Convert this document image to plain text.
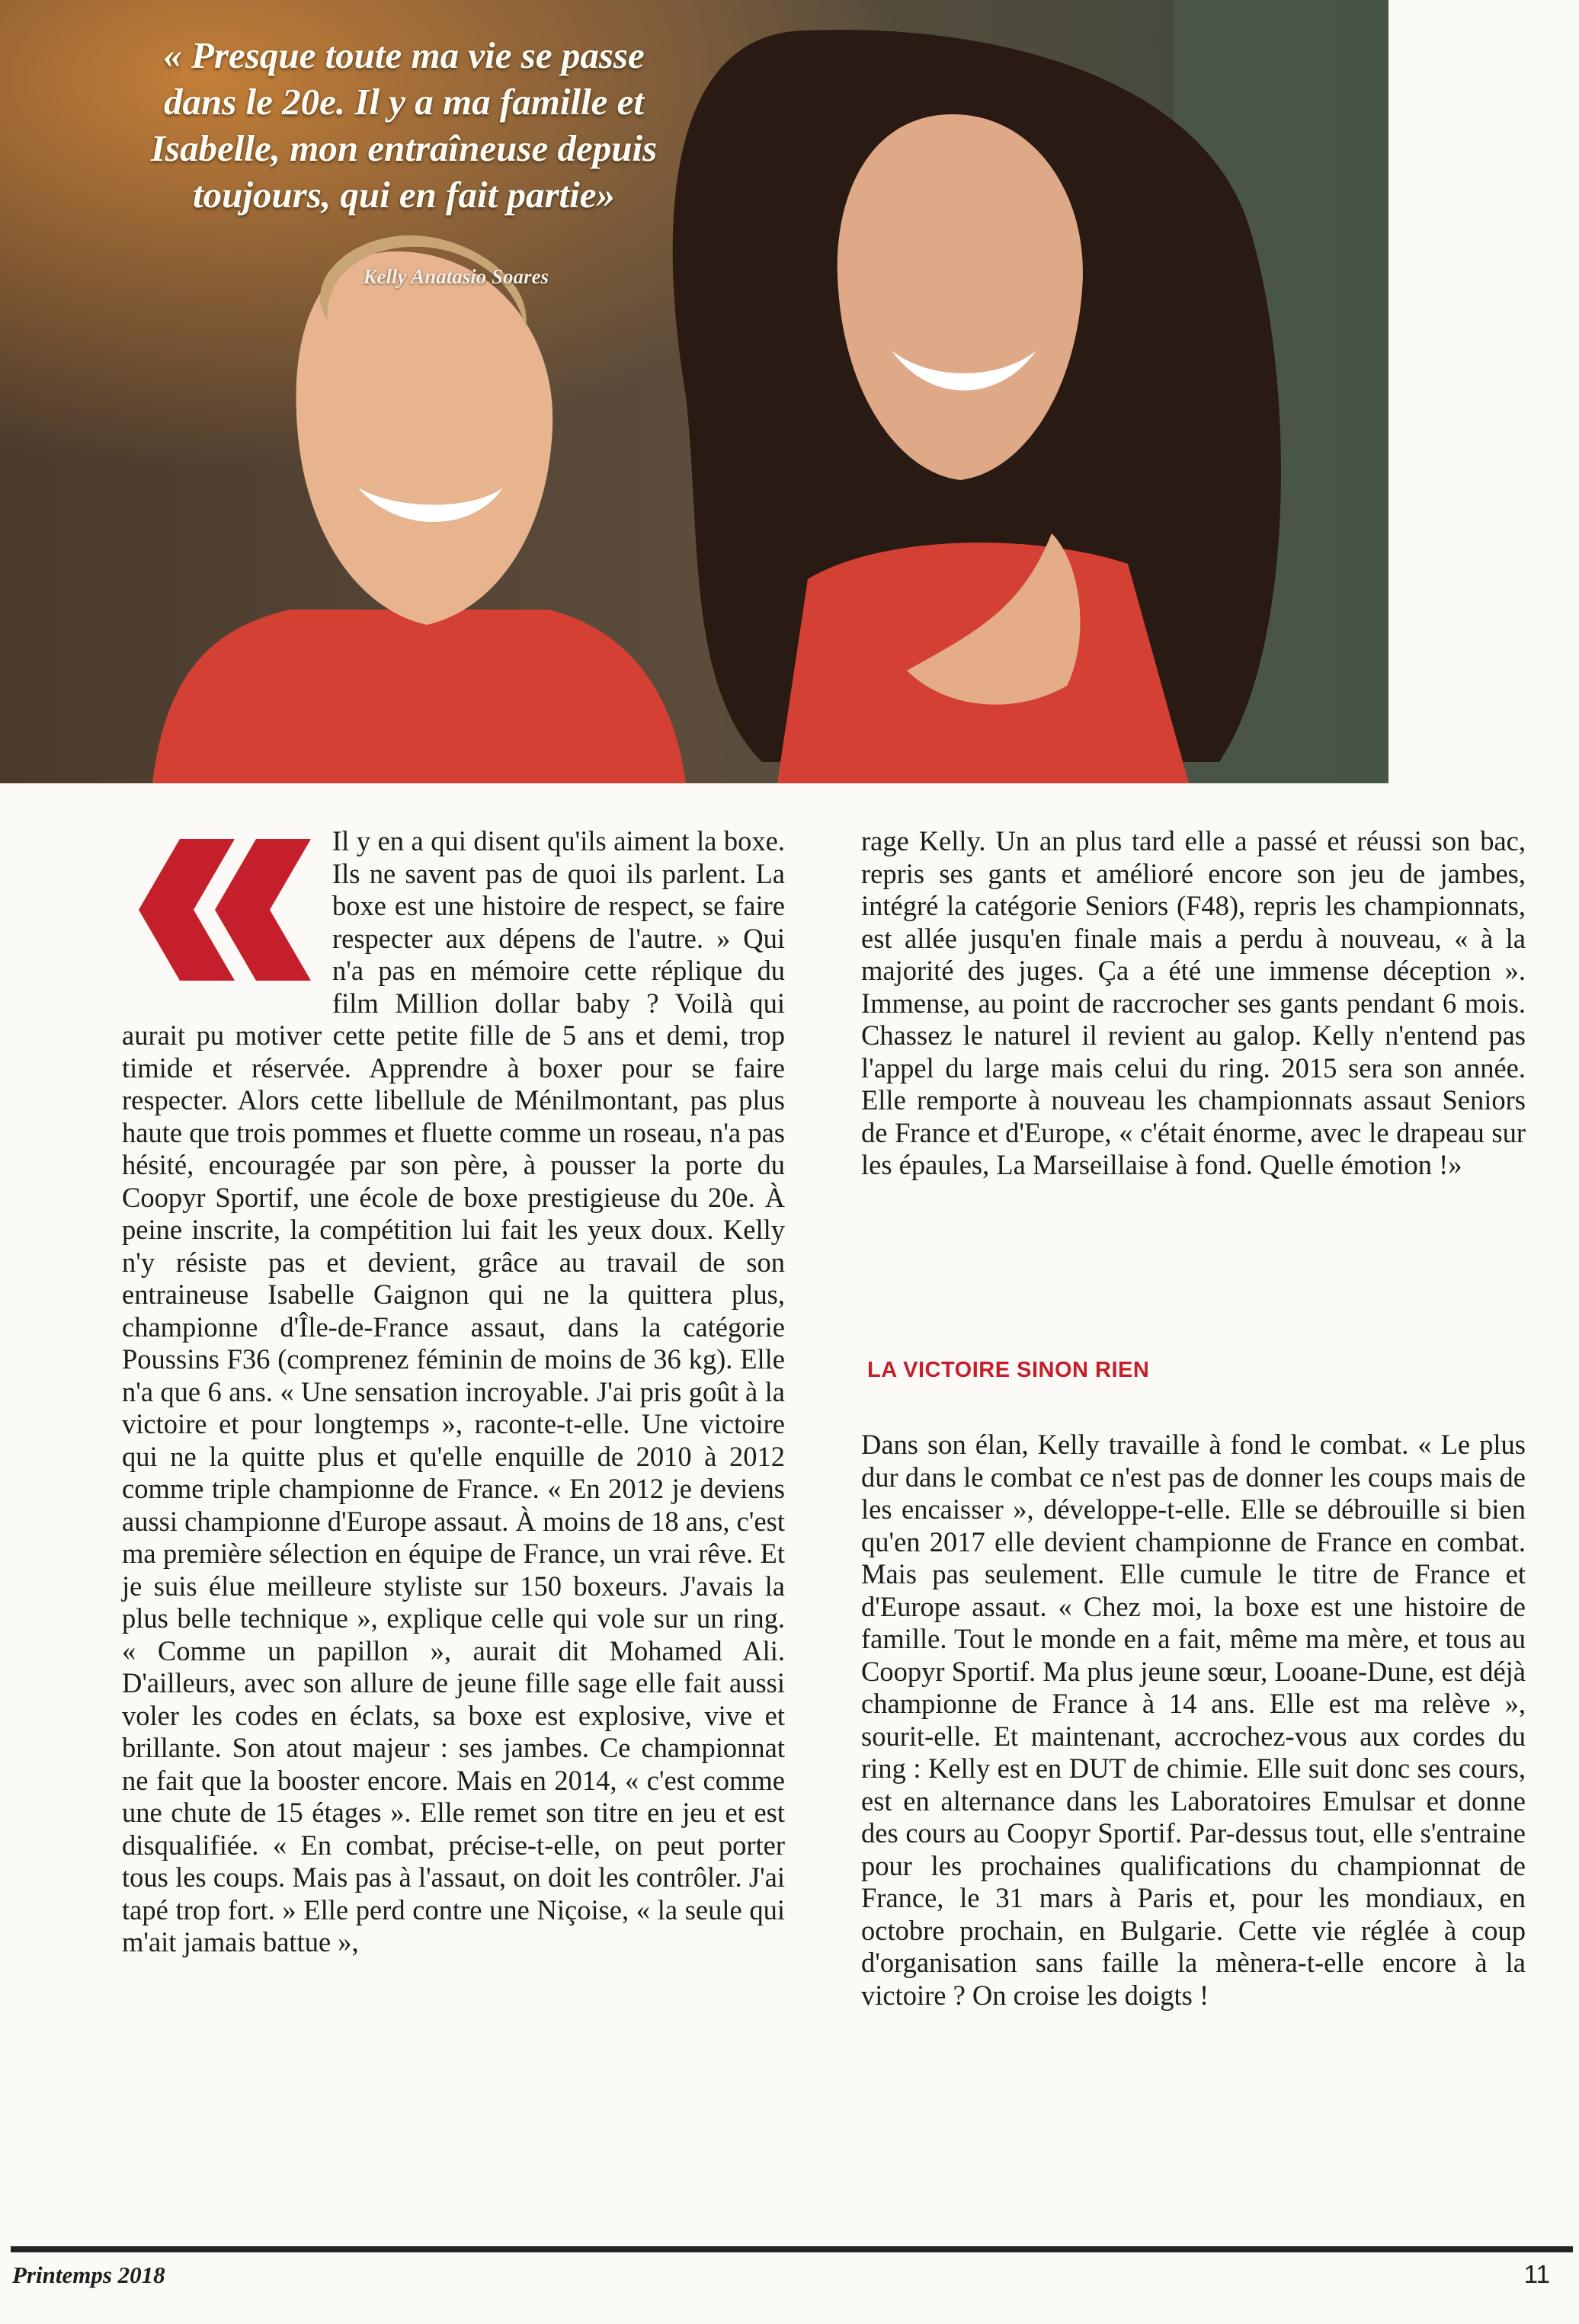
« Presque toute ma vie se passe dans le 20e. Il y a ma famille et Isabelle, mon entraîneuse depuis toujours, qui en fait partie»
Kelly Anatasio Soares

Il y en a qui disent qu'ils aiment la boxe. Ils ne savent pas de quoi ils parlent. La boxe est une histoire de respect, se faire respecter aux dépens de l'autre. » Qui n'a pas en mémoire cette réplique du film Million dollar baby ? Voilà qui aurait pu motiver cette petite fille de 5 ans et demi, trop timide et réservée. Apprendre à boxer pour se faire respecter. Alors cette libellule de Ménilmontant, pas plus haute que trois pommes et fluette comme un roseau, n'a pas hésité, encouragée par son père, à pousser la porte du Coopyr Sportif, une école de boxe prestigieuse du 20e. À peine inscrite, la compétition lui fait les yeux doux. Kelly n'y résiste pas et devient, grâce au travail de son entraineuse Isabelle Gaignon qui ne la quittera plus, championne d'Île-de-France assaut, dans la catégorie Poussins F36 (comprenez féminin de moins de 36 kg). Elle n'a que 6 ans. « Une sensation incroyable. J'ai pris goût à la victoire et pour longtemps », raconte-t-elle. Une victoire qui ne la quitte plus et qu'elle enquille de 2010 à 2012 comme triple championne de France. « En 2012 je deviens aussi championne d'Europe assaut. À moins de 18 ans, c'est ma première sélection en équipe de France, un vrai rêve. Et je suis élue meilleure styliste sur 150 boxeurs. J'avais la plus belle technique », explique celle qui vole sur un ring. « Comme un papillon », aurait dit Mohamed Ali. D'ailleurs, avec son allure de jeune fille sage elle fait aussi voler les codes en éclats, sa boxe est explosive, vive et brillante. Son atout majeur : ses jambes. Ce championnat ne fait que la booster encore. Mais en 2014, « c'est comme une chute de 15 étages ». Elle remet son titre en jeu et est disqualifiée. « En combat, précise-t-elle, on peut porter tous les coups. Mais pas à l'assaut, on doit les contrôler. J'ai tapé trop fort. » Elle perd contre une Niçoise, « la seule qui m'ait jamais battue »,

rage Kelly. Un an plus tard elle a passé et réussi son bac, repris ses gants et amélioré encore son jeu de jambes, intégré la catégorie Seniors (F48), repris les championnats, est allée jusqu'en finale mais a perdu à nouveau, « à la majorité des juges. Ça a été une immense déception ». Immense, au point de raccrocher ses gants pendant 6 mois. Chassez le naturel il revient au galop. Kelly n'entend pas l'appel du large mais celui du ring. 2015 sera son année. Elle remporte à nouveau les championnats assaut Seniors de France et d'Europe, « c'était énorme, avec le drapeau sur les épaules, La Marseillaise à fond. Quelle émotion !»

LA VICTOIRE SINON RIEN

Dans son élan, Kelly travaille à fond le combat. « Le plus dur dans le combat ce n'est pas de donner les coups mais de les encaisser », développe-t-elle. Elle se débrouille si bien qu'en 2017 elle devient championne de France en combat. Mais pas seulement. Elle cumule le titre de France et d'Europe assaut. « Chez moi, la boxe est une histoire de famille. Tout le monde en a fait, même ma mère, et tous au Coopyr Sportif. Ma plus jeune sœur, Looane-Dune, est déjà championne de France à 14 ans. Elle est ma relève », sourit-elle. Et maintenant, accrochez-vous aux cordes du ring : Kelly est en DUT de chimie. Elle suit donc ses cours, est en alternance dans les Laboratoires Emulsar et donne des cours au Coopyr Sportif. Par-dessus tout, elle s'entraine pour les prochaines qualifications du championnat de France, le 31 mars à Paris et, pour les mondiaux, en octobre prochain, en Bulgarie. Cette vie réglée à coup d'organisation sans faille la mènera-t-elle encore à la victoire ? On croise les doigts !

Printemps 2018	11
